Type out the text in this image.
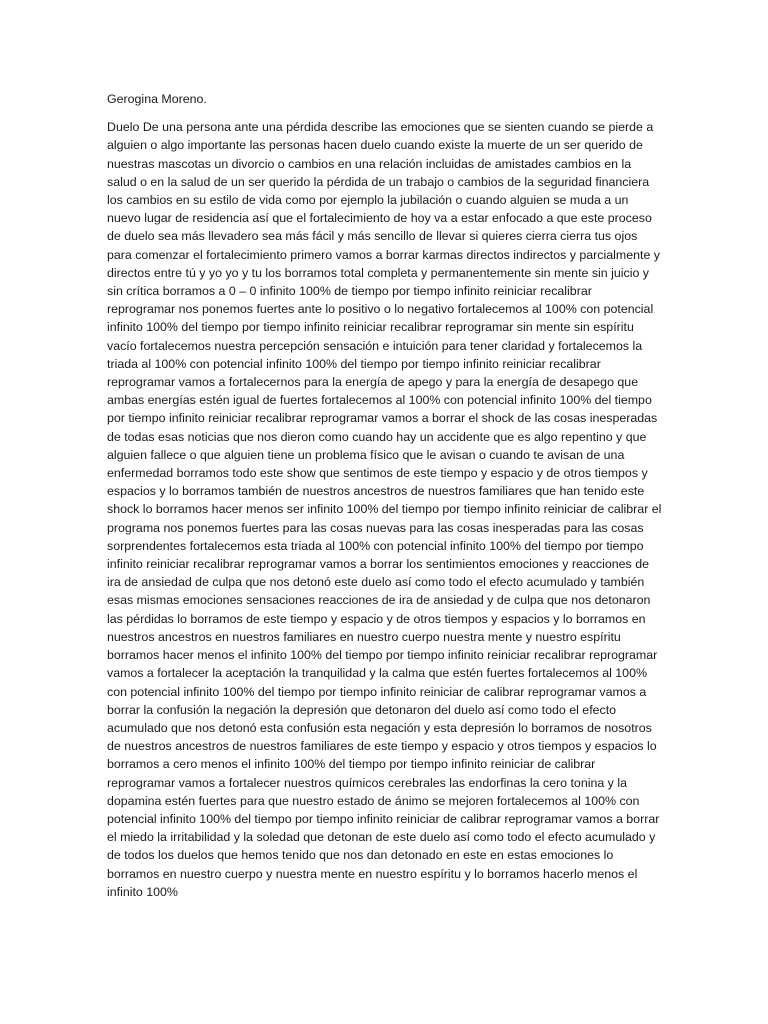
Gerogina Moreno.

Duelo De una persona ante una pérdida describe las emociones que se sienten cuando se pierde a alguien o algo importante las personas hacen duelo cuando existe la muerte de un ser querido de nuestras mascotas un divorcio o cambios en una relación incluidas de amistades cambios en la salud o en la salud de un ser querido la pérdida de un trabajo o cambios de la seguridad financiera los cambios en su estilo de vida como por ejemplo la jubilación o cuando alguien se muda a un nuevo lugar de residencia así que el fortalecimiento de hoy va a estar enfocado a que este proceso de duelo sea más llevadero sea más fácil y más sencillo de llevar si quieres cierra cierra tus ojos para comenzar el fortalecimiento primero vamos a borrar karmas directos indirectos y parcialmente y directos entre tú y yo yo y tu los borramos total completa y permanentemente sin mente sin juicio y sin crítica borramos a 0 – 0 infinito 100% de tiempo por tiempo infinito reiniciar recalibrar reprogramar nos ponemos fuertes ante lo positivo o lo negativo fortalecemos al 100% con potencial infinito 100% del tiempo por tiempo infinito reiniciar recalibrar reprogramar sin mente sin espíritu vacío fortalecemos nuestra percepción sensación e intuición para tener claridad y fortalecemos la triada al 100% con potencial infinito 100% del tiempo por tiempo infinito reiniciar recalibrar reprogramar vamos a fortalecernos para la energía de apego y para la energía de desapego que ambas energías estén igual de fuertes fortalecemos al 100% con potencial infinito 100% del tiempo por tiempo infinito reiniciar recalibrar reprogramar vamos a borrar el shock de las cosas inesperadas de todas esas noticias que nos dieron como cuando hay un accidente que es algo repentino y que alguien fallece o que alguien tiene un problema físico que le avisan o cuando te avisan de una enfermedad borramos todo este show que sentimos de este tiempo y espacio y de otros tiempos y espacios y lo borramos también de nuestros ancestros de nuestros familiares que han tenido este shock lo borramos hacer menos ser infinito 100% del tiempo por tiempo infinito reiniciar de calibrar el programa nos ponemos fuertes para las cosas nuevas para las cosas inesperadas para las cosas sorprendentes fortalecemos esta triada al 100% con potencial infinito 100% del tiempo por tiempo infinito reiniciar recalibrar reprogramar vamos a borrar los sentimientos emociones y reacciones de ira de ansiedad de culpa que nos detonó este duelo así como todo el efecto acumulado y también esas mismas emociones sensaciones reacciones de ira de ansiedad y de culpa que nos detonaron las pérdidas lo borramos de este tiempo y espacio y de otros tiempos y espacios y lo borramos en nuestros ancestros en nuestros familiares en nuestro cuerpo nuestra mente y nuestro espíritu borramos hacer menos el infinito 100% del tiempo por tiempo infinito reiniciar recalibrar reprogramar vamos a fortalecer la aceptación la tranquilidad y la calma que estén fuertes fortalecemos al 100% con potencial infinito 100% del tiempo por tiempo infinito reiniciar de calibrar reprogramar vamos a borrar la confusión la negación la depresión que detonaron del duelo así como todo el efecto acumulado que nos detonó esta confusión esta negación y esta depresión lo borramos de nosotros de nuestros ancestros de nuestros familiares de este tiempo y espacio y otros tiempos y espacios lo borramos a cero menos el infinito 100% del tiempo por tiempo infinito reiniciar de calibrar reprogramar vamos a fortalecer nuestros químicos cerebrales las endorfinas la cero tonina y la dopamina estén fuertes para que nuestro estado de ánimo se mejoren fortalecemos al 100% con potencial infinito 100% del tiempo por tiempo infinito reiniciar de calibrar reprogramar vamos a borrar el miedo la irritabilidad y la soledad que detonan de este duelo así como todo el efecto acumulado y de todos los duelos que hemos tenido que nos dan detonado en este en estas emociones lo borramos en nuestro cuerpo y nuestra mente en nuestro espíritu y lo borramos hacerlo menos el infinito 100%
